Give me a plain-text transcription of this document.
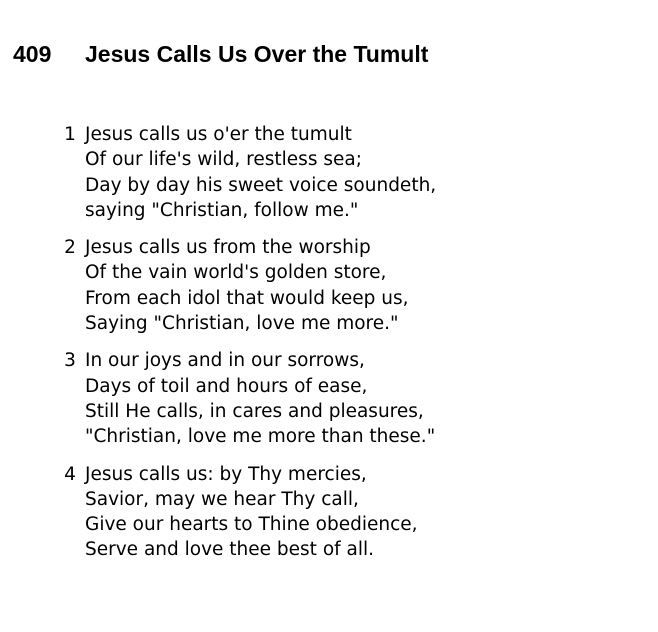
409	Jesus Calls Us Over the Tumult
1 Jesus calls us o'er the tumult
Of our life's wild, restless sea;
Day by day his sweet voice soundeth,
saying "Christian, follow me."
2 Jesus calls us from the worship
Of the vain world's golden store,
From each idol that would keep us,
Saying "Christian, love me more."
3 In our joys and in our sorrows,
Days of toil and hours of ease,
Still He calls, in cares and pleasures,
"Christian, love me more than these."
4 Jesus calls us: by Thy mercies,
Savior, may we hear Thy call,
Give our hearts to Thine obedience,
Serve and love thee best of all.
